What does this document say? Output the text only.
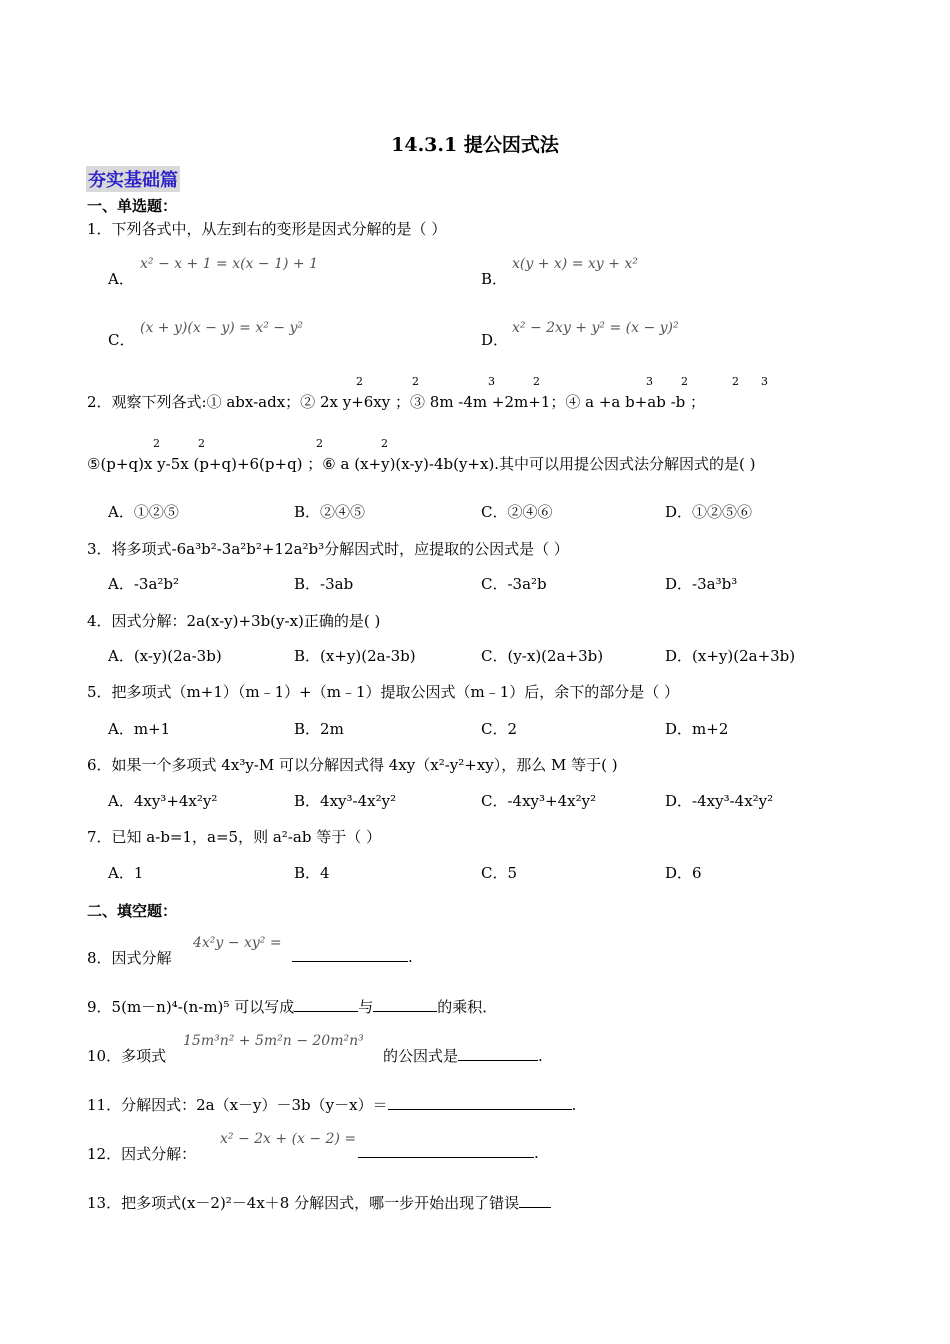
14.3.1 提公因式法
夯实基础篇
一、单选题：
1．下列各式中，从左到右的变形是因式分解的是（ ）
A．
x² − x + 1 = x(x − 1) + 1
B．
x(y + x) = xy + x²
C．
(x + y)(x − y) = x² − y²
D．
x² − 2xy + y² = (x − y)²
2．观察下列各式:① abx-adx；② 2x y+6xy ；③ 8m -4m +2m+1；④ a +a b+ab -b ；
2	2	3	2	3	2	2 3
⑤(p+q)x y-5x (p+q)+6(p+q) ；⑥ a (x+y)(x-y)-4b(y+x).其中可以用提公因式法分解因式的是( )
2	2	2	2
A．①②⑤	B．②④⑤	C．②④⑥	D．①②⑤⑥
3．将多项式-6a³b²-3a²b²+12a²b³分解因式时，应提取的公因式是（ ）
A．-3a²b²	B．-3ab	C．-3a²b	D．-3a³b³
4．因式分解：2a(x-y)+3b(y-x)正确的是( )
A．(x-y)(2a-3b)	B．(x+y)(2a-3b)	C．(y-x)(2a+3b)	D．(x+y)(2a+3b)
5．把多项式（m+1）（m﹣1）+（m﹣1）提取公因式（m﹣1）后，余下的部分是（ ）
A．m+1	B．2m	C．2	D．m+2
6．如果一个多项式 4x³y-M 可以分解因式得 4xy（x²-y²+xy），那么 M 等于( )
A．4xy³+4x²y²	B．4xy³-4x²y²	C．-4xy³+4x²y²	D．-4xy³-4x²y²
7．已知 a-b=1，a=5，则 a²-ab 等于（ ）
A．1	B．4	C．5	D．6
二、填空题：
8．因式分解
4x²y − xy² =
.
9．5(m－n)⁴-(n-m)⁵ 可以写成	与	的乘积．
10．多项式
15m³n² + 5m²n − 20m²n³
的公因式是	.
11．分解因式：2a（x－y）－3b（y－x）＝	.
12．因式分解：
x² − 2x + (x − 2) =
.
13．把多项式(x－2)²－4x＋8 分解因式，哪一步开始出现了错误
